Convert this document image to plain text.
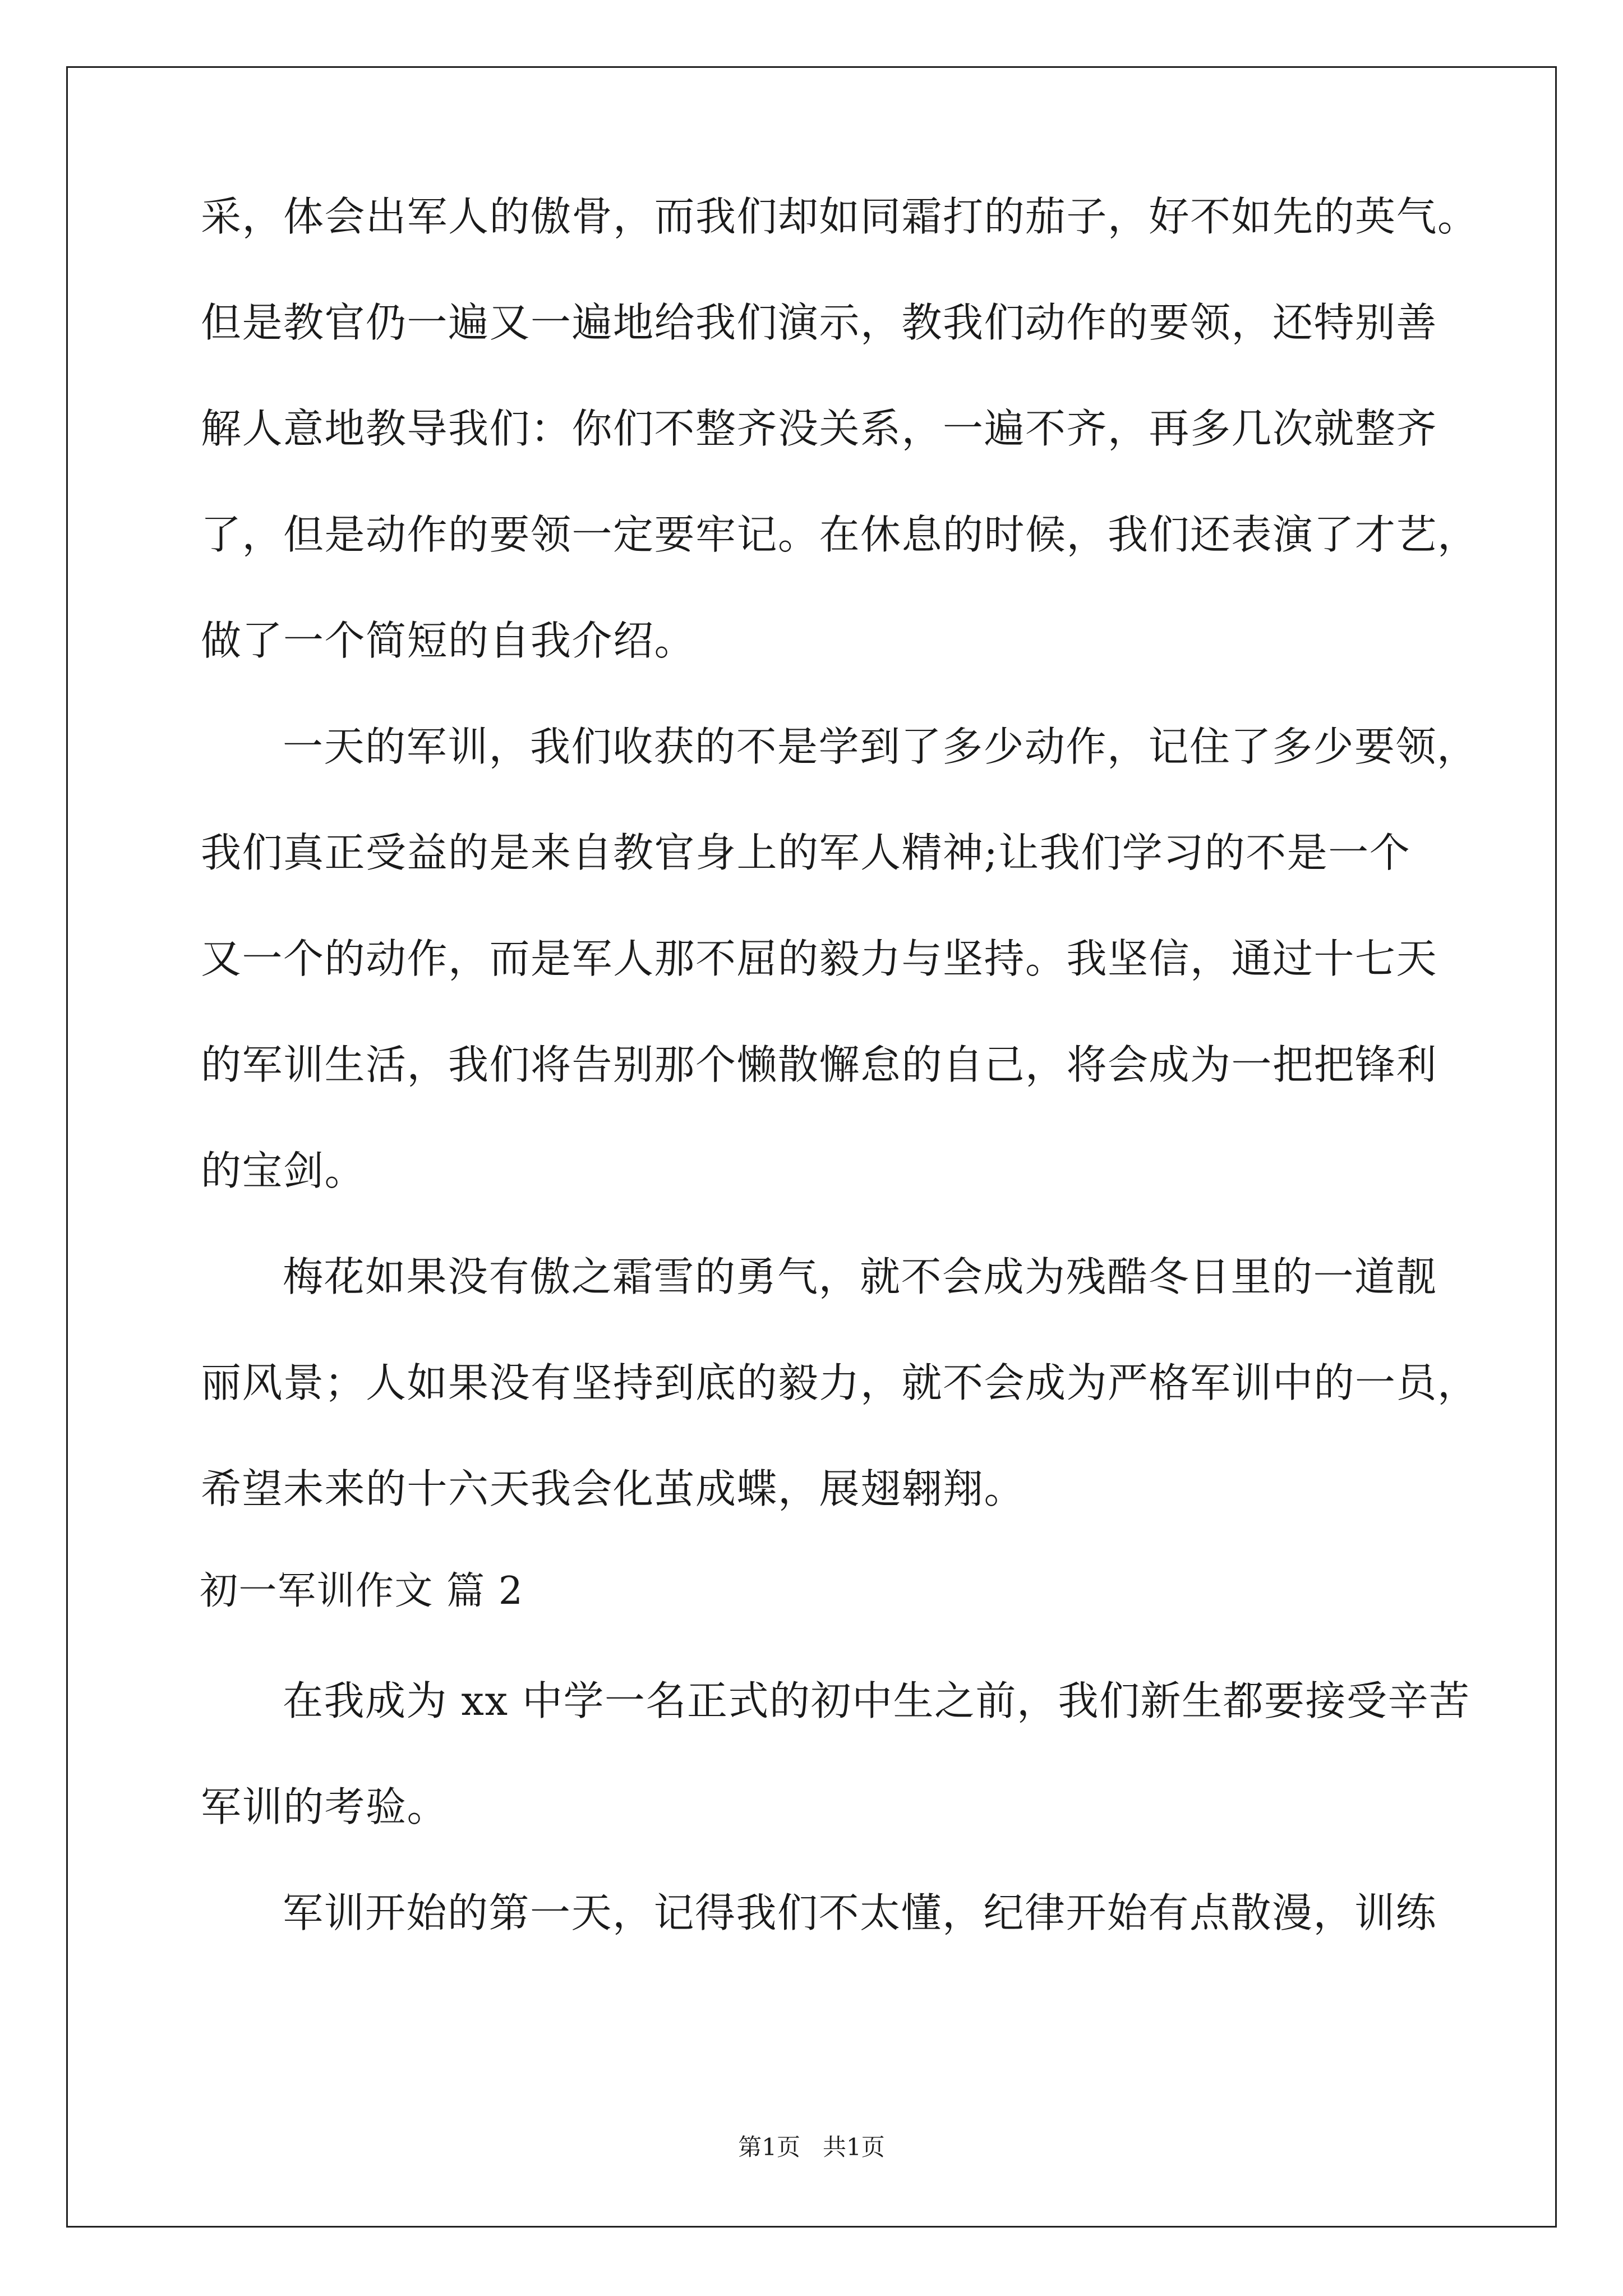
采，体会出军人的傲骨，而我们却如同霜打的茄子，好不如先的英气。
但是教官仍一遍又一遍地给我们演示，教我们动作的要领，还特别善
解人意地教导我们：你们不整齐没关系，一遍不齐，再多几次就整齐
了，但是动作的要领一定要牢记。在休息的时候，我们还表演了才艺，
做了一个简短的自我介绍。
一天的军训，我们收获的不是学到了多少动作，记住了多少要领，
我们真正受益的是来自教官身上的军人精神;让我们学习的不是一个
又一个的动作，而是军人那不屈的毅力与坚持。我坚信，通过十七天
的军训生活，我们将告别那个懒散懈怠的自己，将会成为一把把锋利
的宝剑。
梅花如果没有傲之霜雪的勇气，就不会成为残酷冬日里的一道靓
丽风景；人如果没有坚持到底的毅力，就不会成为严格军训中的一员，
希望未来的十六天我会化茧成蝶，展翅翱翔。
初一军训作文 篇 2
在我成为 xx 中学一名正式的初中生之前，我们新生都要接受辛苦
军训的考验。
军训开始的第一天，记得我们不太懂，纪律开始有点散漫，训练
第1页   共1页
